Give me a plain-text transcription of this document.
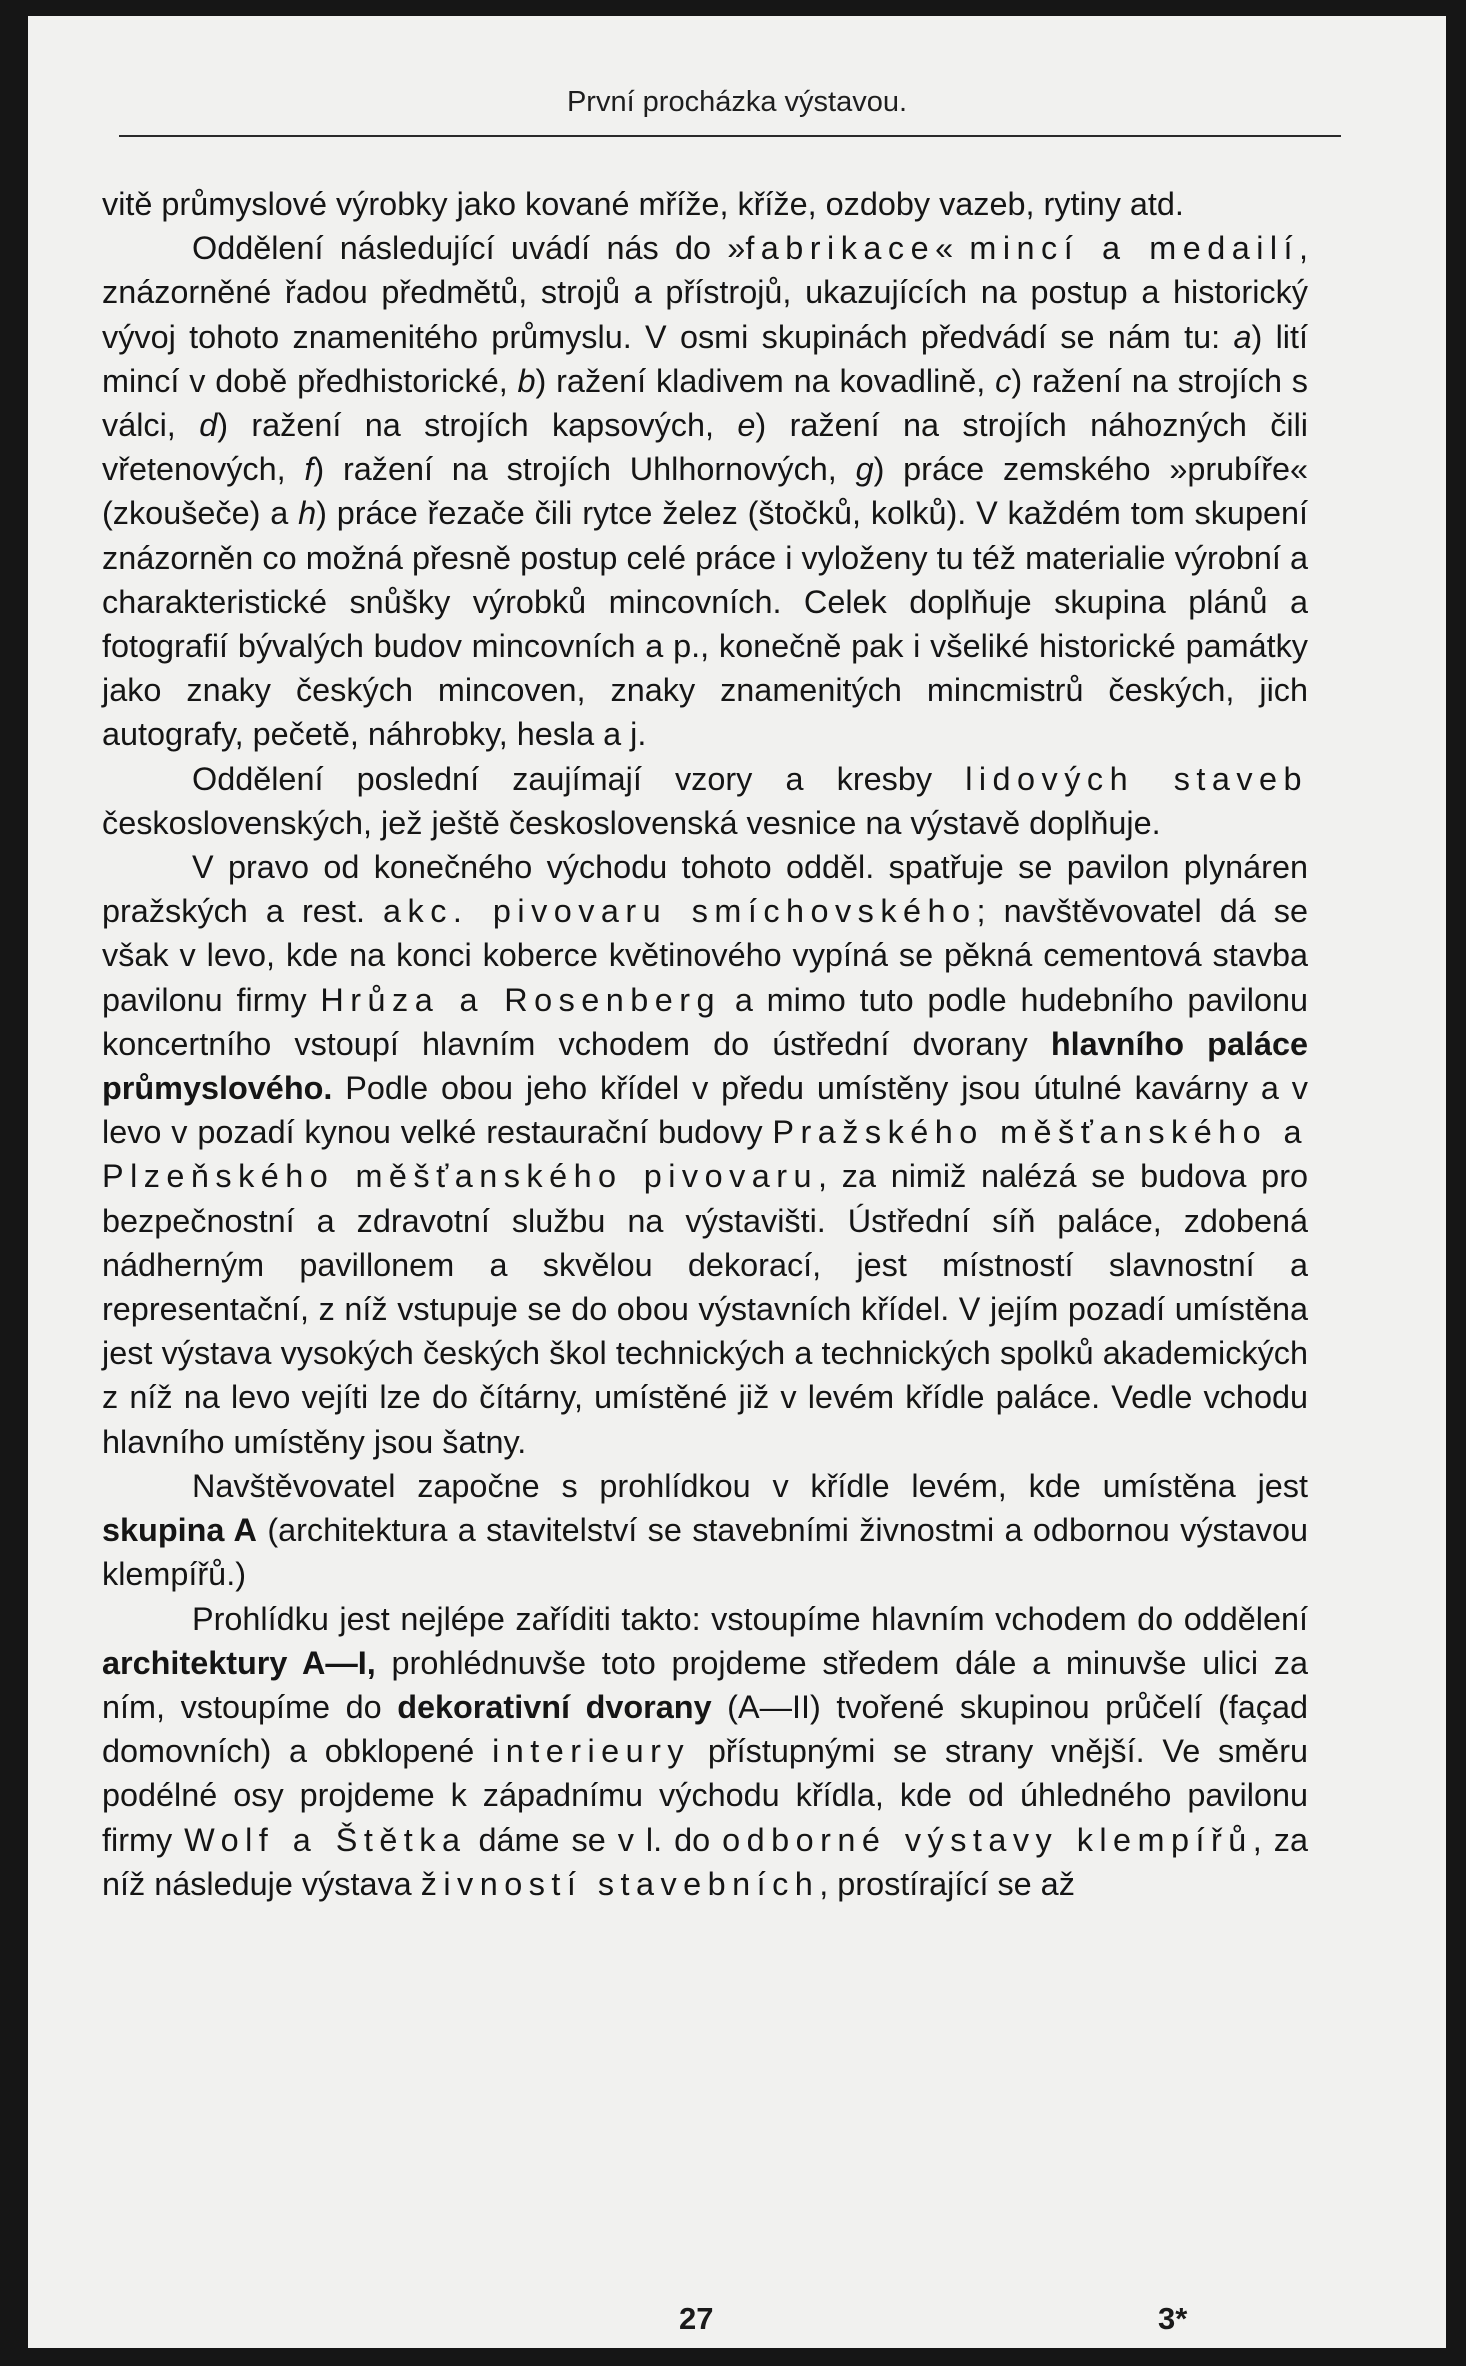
První procházka výstavou.

vitě průmyslové výrobky jako kované mříže, kříže, ozdoby vazeb, rytiny atd.

Oddělení následující uvádí nás do »fabrikace« mincí a medailí, znázorněné řadou předmětů, strojů a přístrojů, ukazujících na postup a historický vývoj tohoto znamenitého průmyslu. V osmi skupinách předvádí se nám tu: a) lití mincí v době předhistorické, b) ražení kladivem na kovadlině, c) ražení na strojích s válci, d) ražení na strojích kapsových, e) ražení na strojích náhozných čili vřetenových, f) ražení na strojích Uhlhornových, g) práce zemského »prubíře« (zkoušeče) a h) práce řezače čili rytce želez (štočků, kolků). V každém tom skupení znázorněn co možná přesně postup celé práce i vyloženy tu též materialie výrobní a charakteristické snůšky výrobků mincovních. Celek doplňuje skupina plánů a fotografií bývalých budov mincovních a p., konečně pak i všeliké historické památky jako znaky českých mincoven, znaky znamenitých mincmistrů českých, jich autografy, pečetě, náhrobky, hesla a j.

Oddělení poslední zaujímají vzory a kresby lidových staveb československých, jež ještě československá vesnice na výstavě doplňuje.

V pravo od konečného východu tohoto odděl. spatřuje se pavilon plynáren pražských a rest. akc. pivovaru smíchovského; navštěvovatel dá se však v levo, kde na konci koberce květinového vypíná se pěkná cementová stavba pavilonu firmy Hrůza a Rosenberg a mimo tuto podle hudebního pavilonu koncertního vstoupí hlavním vchodem do ústřední dvorany hlavního paláce průmyslového. Podle obou jeho křídel v předu umístěny jsou útulné kavárny a v levo v pozadí kynou velké restaurační budovy Pražského měšťanského a Plzeňského měšťanského pivovaru, za nimiž nalézá se budova pro bezpečnostní a zdravotní službu na výstavišti. Ústřední síň paláce, zdobená nádherným pavillonem a skvělou dekorací, jest místností slavnostní a representační, z níž vstupuje se do obou výstavních křídel. V jejím pozadí umístěna jest výstava vysokých českých škol technických a technických spolků akademických z níž na levo vejíti lze do čítárny, umístěné již v levém křídle paláce. Vedle vchodu hlavního umístěny jsou šatny.

Navštěvovatel započne s prohlídkou v křídle levém, kde umístěna jest skupina A (architektura a stavitelství se stavebními živnostmi a odbornou výstavou klempířů.)

Prohlídku jest nejlépe zaříditi takto: vstoupíme hlavním vchodem do oddělení architektury A—I, prohlédnuvše toto projdeme středem dále a minuvše ulici za ním, vstoupíme do dekorativní dvorany (A—II) tvořené skupinou průčelí (façad domovních) a obklopené interieury přístupnými se strany vnější. Ve směru podélné osy projdeme k západnímu východu křídla, kde od úhledného pavilonu firmy Wolf a Štětka dáme se v l. do odborné výstavy klempířů, za níž následuje výstava živností stavebních, prostírající se až

27	3*
